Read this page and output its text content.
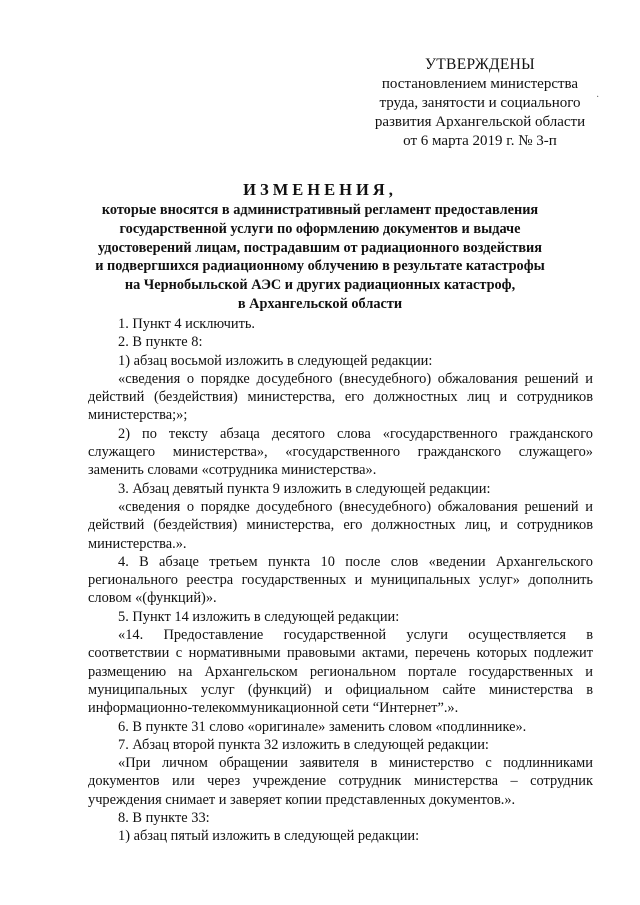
УТВЕРЖДЕНЫ
постановлением министерства
труда, занятости и социального
развития Архангельской области
от 6 марта 2019 г. № 3-п
·
ИЗМЕНЕНИЯ,
которые вносятся в административный регламент предоставления
государственной услуги по оформлению документов и выдаче
удостоверений лицам, пострадавшим от радиационного воздействия
и подвергшихся радиационному облучению в результате катастрофы
на Чернобыльской АЭС и других радиационных катастроф,
в Архангельской области

1. Пункт 4 исключить.

2. В пункте 8:

1) абзац восьмой изложить в следующей редакции:

«сведения о порядке досудебного (внесудебного) обжалования решений и действий (бездействия) министерства, его должностных лиц и сотрудников министерства;»;

2) по тексту абзаца десятого слова «государственного гражданского служащего министерства», «государственного гражданского служащего» заменить словами «сотрудника министерства».

3. Абзац девятый пункта 9 изложить в следующей редакции:

«сведения о порядке досудебного (внесудебного) обжалования решений и действий (бездействия) министерства, его должностных лиц, и сотрудников министерства.».

4. В абзаце третьем пункта 10 после слов «ведении Архангельского регионального реестра государственных и муниципальных услуг» дополнить словом «(функций)».

5. Пункт 14 изложить в следующей редакции:

«14. Предоставление государственной услуги осуществляется в соответствии с нормативными правовыми актами, перечень которых подлежит размещению на Архангельском региональном портале государственных и муниципальных услуг (функций) и официальном сайте министерства в информационно-телекоммуникационной сети “Интернет”.».

6. В пункте 31 слово «оригинале» заменить словом «подлиннике».

7. Абзац второй пункта 32 изложить в следующей редакции:

«При личном обращении заявителя в министерство с подлинниками документов или через учреждение сотрудник министерства – сотрудник учреждения снимает и заверяет копии представленных документов.».

8. В пункте 33:

1) абзац пятый изложить в следующей редакции:
